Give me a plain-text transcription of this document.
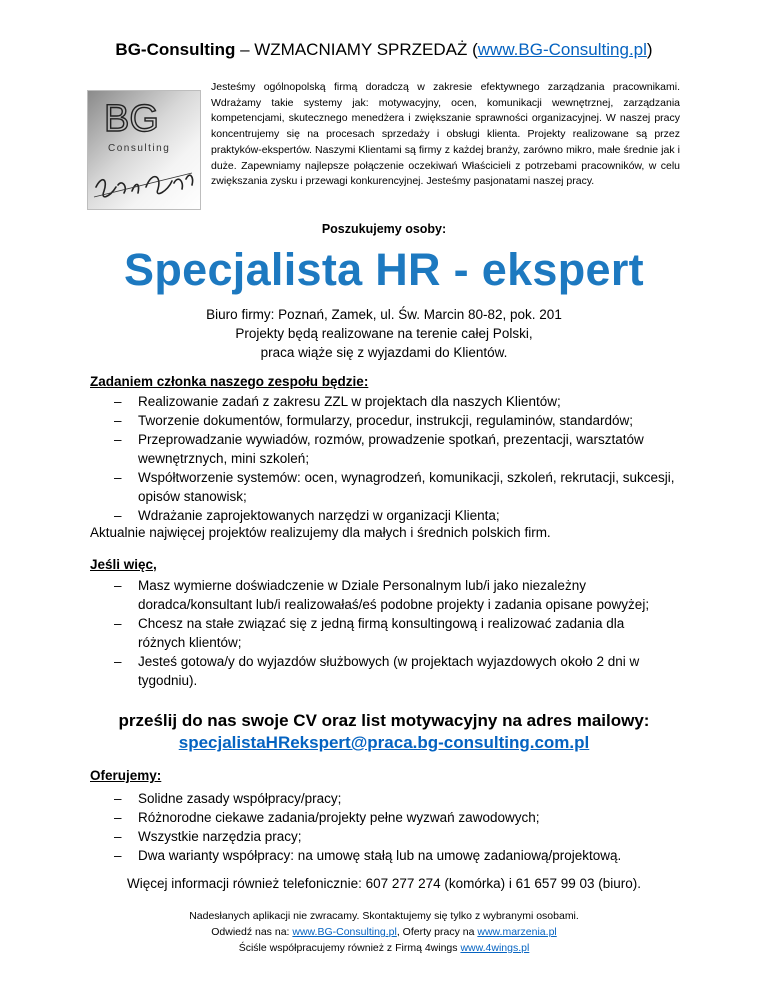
BG-Consulting – WZMACNIAMY SPRZEDAŻ (www.BG-Consulting.pl)
BG
Consulting
Jesteśmy ogólnopolską firmą doradczą w zakresie efektywnego zarządzania pracownikami. Wdrażamy takie systemy jak: motywacyjny, ocen, komunikacji wewnętrznej, zarządzania kompetencjami, skutecznego menedżera i zwiększanie sprawności organizacyjnej. W naszej pracy koncentrujemy się na procesach sprzedaży i obsługi klienta. Projekty realizowane są przez praktyków-ekspertów. Naszymi Klientami są firmy z każdej branży, zarówno mikro, małe średnie jak i duże. Zapewniamy najlepsze połączenie oczekiwań Właścicieli z potrzebami pracowników, w celu zwiększania zysku i przewagi konkurencyjnej. Jesteśmy pasjonatami naszej pracy.
Poszukujemy osoby:
Specjalista HR - ekspert
Biuro firmy: Poznań, Zamek, ul. Św. Marcin 80-82, pok. 201
Projekty będą realizowane na terenie całej Polski,
praca wiąże się z wyjazdami do Klientów.
Zadaniem członka naszego zespołu będzie:
– Realizowanie zadań z zakresu ZZL w projektach dla naszych Klientów;
– Tworzenie dokumentów, formularzy, procedur, instrukcji, regulaminów, standardów;
– Przeprowadzanie wywiadów, rozmów, prowadzenie spotkań, prezentacji, warsztatów wewnętrznych, mini szkoleń;
– Współtworzenie systemów: ocen, wynagrodzeń, komunikacji, szkoleń, rekrutacji, sukcesji, opisów stanowisk;
– Wdrażanie zaprojektowanych narzędzi w organizacji Klienta;
Aktualnie najwięcej projektów realizujemy dla małych i średnich polskich firm.
Jeśli więc,
– Masz wymierne doświadczenie w Dziale Personalnym lub/i jako niezależny doradca/konsultant lub/i realizowałaś/eś podobne projekty i zadania opisane powyżej;
– Chcesz na stałe związać się z jedną firmą konsultingową i realizować zadania dla różnych klientów;
– Jesteś gotowa/y do wyjazdów służbowych (w projektach wyjazdowych około 2 dni w tygodniu).
prześlij do nas swoje CV oraz list motywacyjny na adres mailowy:
specjalistaHRekspert@praca.bg-consulting.com.pl
Oferujemy:
– Solidne zasady współpracy/pracy;
– Różnorodne ciekawe zadania/projekty pełne wyzwań zawodowych;
– Wszystkie narzędzia pracy;
– Dwa warianty współpracy: na umowę stałą lub na umowę zadaniową/projektową.
Więcej informacji również telefonicznie: 607 277 274 (komórka) i 61 657 99 03 (biuro).
Nadesłanych aplikacji nie zwracamy. Skontaktujemy się tylko z wybranymi osobami.
Odwiedź nas na: www.BG-Consulting.pl, Oferty pracy na www.marzenia.pl
Ściśle współpracujemy również z Firmą 4wings www.4wings.pl
